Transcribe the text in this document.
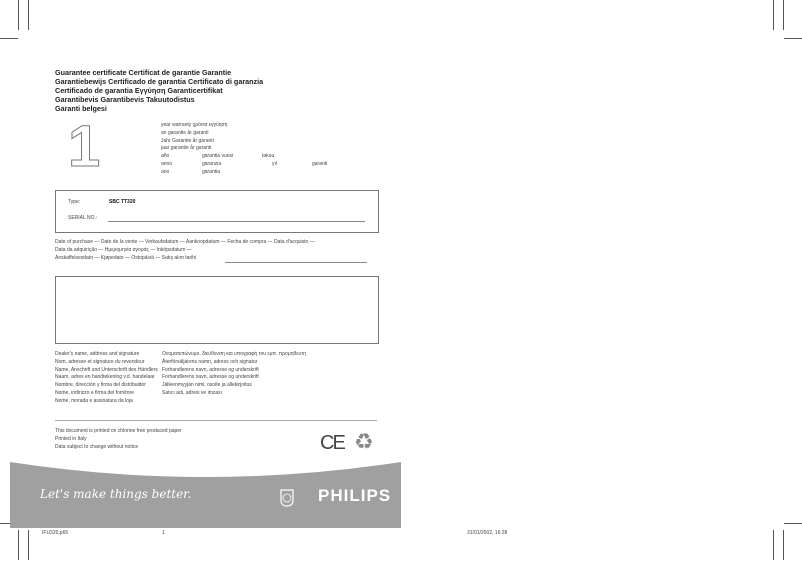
Guarantee certificate Certificat de garantie Garantie
Garantiebewijs Certificado de garantia Certificato di garanzia
Certificado de garantia Εγγύηση Garanticertifikat
Garantibevis Garantibevis Takuutodistus
Garanti belgesi
1	year warranty χρόνια εγγύηση
an garantie år garanti
Jahr Garantie år garanti
jaar garantie år garanti
año	garantia vuosi	takuu
anno	garanzia	yıl	garanti
ano	garantia
Type:	SBC TT320
SERIAL NO.:
Date of purchase — Date de la vente — Verkaufsdatum — Aankoopdatum — Fecha de compra — Data d'acquisto —
Data da adquirição — Ημερομηνία αγοράς — Inköpsdatum —
Anskaffelsesdato — Kjøpedato — Ostopäivä — Satış alım tarihi
Dealer's name, address and signature
Nom, adresse et signature du revendeur
Name, Anschrift und Unterschrift des Händlers
Naam, adres en handtekening v.d. handelaar
Nombre, dirección y firma del distribuidor
Nome, indirizzo e firma del fornitore
Nome, morada e assinatura da loja
Ονοματεπώνυμο, διεύθυνση και υπογραφή του εμπ. προμηθευτη
Återförsäljarens namn, adress och signatur
Forhandlerens navn, adresse og underskrift
Forhandlerens navn, adresse og underskrift
Jälleenmyyjän nimi, osoite ja allekirjoitus
Satıcı adı, adresi ve imzası
This document is printed on chlorine free produced paper
Printed in Italy
Data subject to change without notice	CE ♻
Let's make things better.	PHILIPS
IFU320.p65	1	31/01/2002, 16:28
